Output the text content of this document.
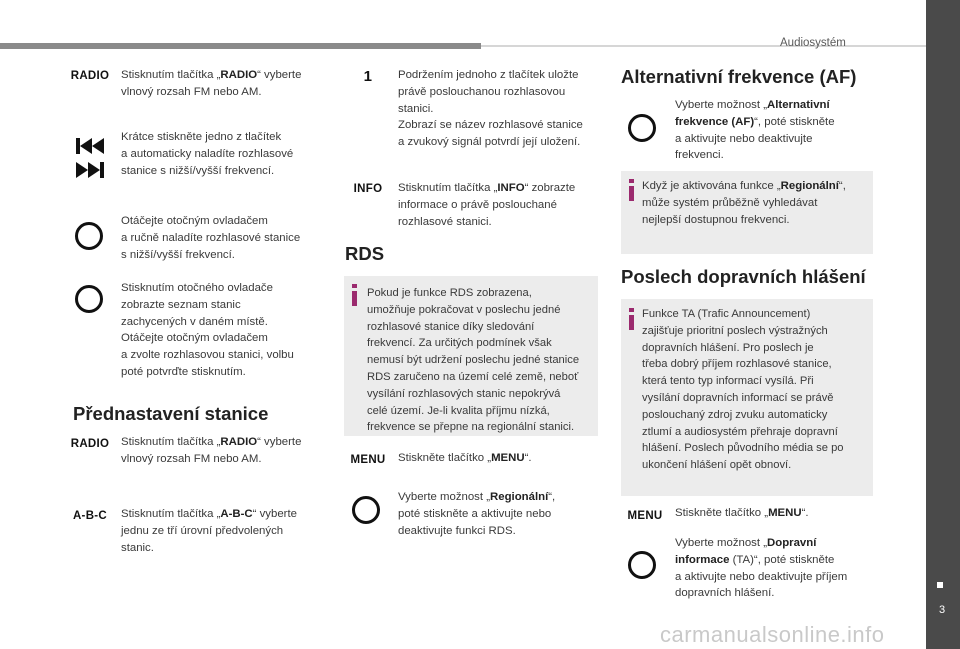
Audiosystém
3
RADIO	Stisknutím tlačítka „RADIO“ vyberte
vlnový rozsah FM nebo AM.
Krátce stiskněte jedno z tlačítek
a automaticky naladíte rozhlasové
stanice s nižší/vyšší frekvencí.
Otáčejte otočným ovladačem
a ručně naladíte rozhlasové stanice
s nižší/vyšší frekvencí.
Stisknutím otočného ovladače
zobrazte seznam stanic
zachycených v daném místě.
Otáčejte otočným ovladačem
a zvolte rozhlasovou stanici, volbu
poté potvrďte stisknutím.
Přednastavení stanice
RADIO	Stisknutím tlačítka „RADIO“ vyberte
vlnový rozsah FM nebo AM.
A-B-C	Stisknutím tlačítka „A-B-C“ vyberte
jednu ze tří úrovní předvolených
stanic.
1	Podržením jednoho z tlačítek uložte
právě poslouchanou rozhlasovou
stanici.
Zobrazí se název rozhlasové stanice
a zvukový signál potvrdí její uložení.
INFO	Stisknutím tlačítka „INFO“ zobrazte
informace o právě poslouchané
rozhlasové stanici.
RDS
Pokud je funkce RDS zobrazena,
umožňuje pokračovat v poslechu jedné
rozhlasové stanice díky sledování
frekvencí. Za určitých podmínek však
nemusí být udržení poslechu jedné stanice
RDS zaručeno na území celé země, neboť
vysílání rozhlasových stanic nepokrývá
celé území. Je-li kvalita příjmu nízká,
frekvence se přepne na regionální stanici.
MENU	Stiskněte tlačítko „MENU“.
Vyberte možnost „Regionální“,
poté stiskněte a aktivujte nebo
deaktivujte funkci RDS.
Alternativní frekvence (AF)
Vyberte možnost „Alternativní
frekvence (AF)“, poté stiskněte
a aktivujte nebo deaktivujte
frekvenci.
Když je aktivována funkce „Regionální“,
může systém průběžně vyhledávat
nejlepší dostupnou frekvenci.
Poslech dopravních hlášení
Funkce TA (Trafic Announcement)
zajišťuje prioritní poslech výstražných
dopravních hlášení. Pro poslech je
třeba dobrý příjem rozhlasové stanice,
která tento typ informací vysílá. Při
vysílání dopravních informací se právě
poslouchaný zdroj zvuku automaticky
ztlumí a audiosystém přehraje dopravní
hlášení. Poslech původního média se po
ukončení hlášení opět obnoví.
MENU	Stiskněte tlačítko „MENU“.
Vyberte možnost „Dopravní
informace (TA)“, poté stiskněte
a aktivujte nebo deaktivujte příjem
dopravních hlášení.
carmanualsonline.info
